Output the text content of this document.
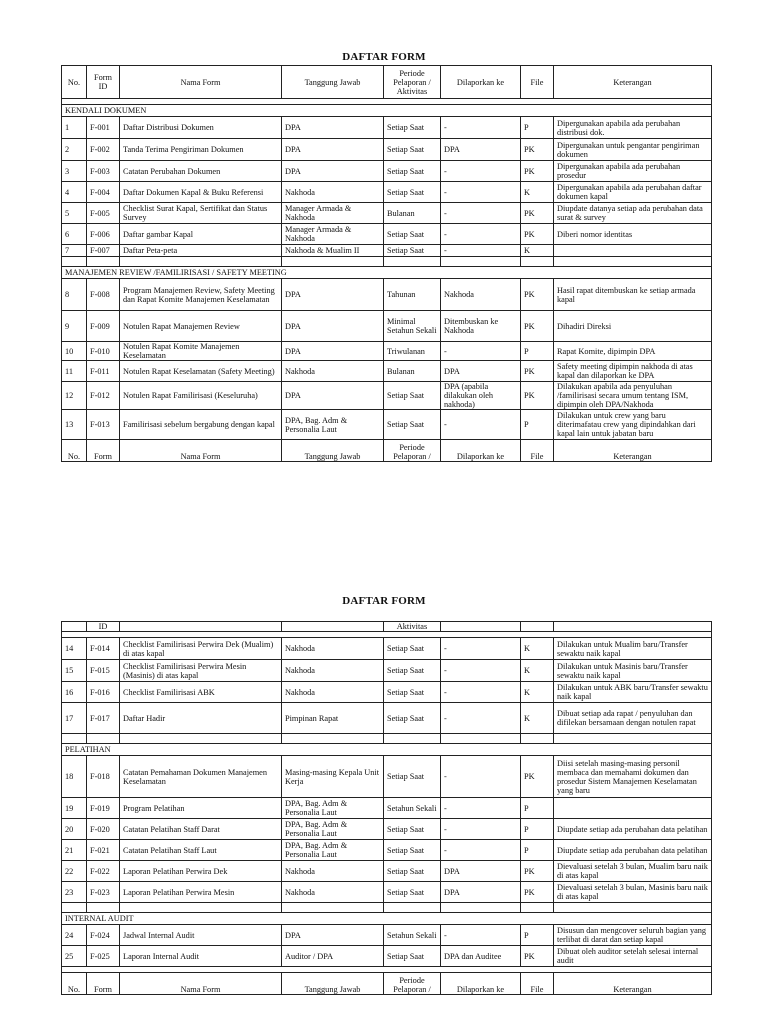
DAFTAR FORM
No.	Form ID	Nama Form	Tanggung Jawab	Periode Pelaporan / Aktivitas	Dilaporkan ke	File	Keterangan

KENDALI DOKUMEN							
1	F-001	Daftar Distribusi Dokumen	DPA	Setiap Saat	-	P	Dipergunakan apabila ada perubahan distribusi dok.
2	F-002	Tanda Terima Pengiriman Dokumen	DPA	Setiap Saat	DPA	PK	Dipergunakan untuk pengantar pengiriman dokumen
3	F-003	Catatan Perubahan Dokumen	DPA	Setiap Saat	-	PK	Dipergunakan apabila ada perubahan prosedur
4	F-004	Daftar Dokumen Kapal & Buku Referensi	Nakhoda	Setiap Saat	-	K	Dipergunakan apabila ada perubahan daftar dokumen kapal
5	F-005	Checklist Surat Kapal, Sertifikat dan Status Survey	Manager Armada & Nakhoda	Bulanan	-	PK	Diupdate datanya setiap ada perubahan data surat & survey
6	F-006	Daftar gambar Kapal	Manager Armada & Nakhoda	Setiap Saat	-	PK	Diberi nomor identitas
7	F-007	Daftar Peta-peta	Nakhoda & Mualim II	Setiap Saat	-	K	

MANAJEMEN REVIEW /FAMILIRISASI / SAFETY MEETING							
8	F-008	Program Manajemen Review, Safety Meeting dan Rapat Komite Manajemen Keselamatan	DPA	Tahunan	Nakhoda	PK	Hasil rapat ditembuskan ke setiap armada kapal
9	F-009	Notulen Rapat Manajemen Review	DPA	Minimal Setahun Sekali	Ditembuskan ke Nakhoda	PK	Dihadiri Direksi
10	F-010	Notulen Rapat Komite Manajemen Keselamatan	DPA	Triwulanan	-	P	Rapat Komite, dipimpin DPA
11	F-011	Notulen Rapat Keselamatan (Safety Meeting)	Nakhoda	Bulanan	DPA	PK	Safety meeting dipimpin nakhoda di atas kapal dan dilaporkan ke DPA
12	F-012	Notulen Rapat Familirisasi (Keseluruha)	DPA	Setiap Saat	DPA (apabila dilakukan oleh nakhoda)	PK	Dilakukan apabila ada penyuluhan /familirisasi secara umum tentang ISM, dipimpin oleh DPA/Nakhoda
13	F-013	Familirisasi sebelum bergabung dengan kapal	DPA, Bag. Adm & Personalia Laut	Setiap Saat	-	P	Dilakukan untuk crew yang baru diterimafatau crew yang dipindahkan dari kapal lain untuk jabatan baru
No.	Form	Nama Form	Tanggung Jawab	Periode Pelaporan /	Dilaporkan ke	File	Keterangan
DAFTAR FORM
	ID			Aktivitas			

14	F-014	Checklist Familirisasi Perwira Dek (Mualim) di atas kapal	Nakhoda	Setiap Saat	-	K	Dilakukan untuk Mualim baru/Transfer sewaktu naik kapal
15	F-015	Checklist Familirisasi Perwira Mesin (Masinis) di atas kapal	Nakhoda	Setiap Saat	-	K	Dilakukan untuk Masinis baru/Transfer sewaktu naik kapal
16	F-016	Checklist Familirisasi ABK	Nakhoda	Setiap Saat	-	K	Dilakukan untuk ABK baru/Transfer sewaktu naik kapal
17	F-017	Daftar Hadir	Pimpinan Rapat	Setiap Saat	-	K	Dibuat setiap ada rapat / penyuluhan dan difilekan bersamaan dengan notulen rapat

PELATIHAN							
18	F-018	Catatan Pemahaman Dokumen Manajemen Keselamatan	Masing-masing Kepala Unit Kerja	Setiap Saat	-	PK	Diisi setelah masing-masing personil membaca dan memahami dokumen dan prosedur Sistem Manajemen Keselamatan yang baru
19	F-019	Program Pelatihan	DPA, Bag. Adm & Personalia Laut	Setahun Sekali	-	P	
20	F-020	Catatan Pelatihan Staff Darat	DPA, Bag. Adm & Personalia Laut	Setiap Saat	-	P	Diupdate setiap ada perubahan data pelatihan
21	F-021	Catatan Pelatihan Staff Laut	DPA, Bag. Adm & Personalia Laut	Setiap Saat	-	P	Diupdate setiap ada perubahan data pelatihan
22	F-022	Laporan Pelatihan Perwira Dek	Nakhoda	Setiap Saat	DPA	PK	Dievaluasi setelah 3 bulan, Mualim baru naik di atas kapal
23	F-023	Laporan Pelatihan Perwira Mesin	Nakhoda	Setiap Saat	DPA	PK	Dievaluasi setelah 3 bulan, Masinis baru naik di atas kapal

INTERNAL AUDIT							
24	F-024	Jadwal Internal Audit	DPA	Setahun Sekali	-	P	Disusun dan mengcover seluruh bagian yang terlibat di darat dan setiap kapal
25	F-025	Laporan Internal Audit	Auditor / DPA	Setiap Saat	DPA dan Auditee	PK	Dibuat oleh auditor setelah selesai internal audit

No.	Form	Nama Form	Tanggung Jawab	Periode Pelaporan /	Dilaporkan ke	File	Keterangan
